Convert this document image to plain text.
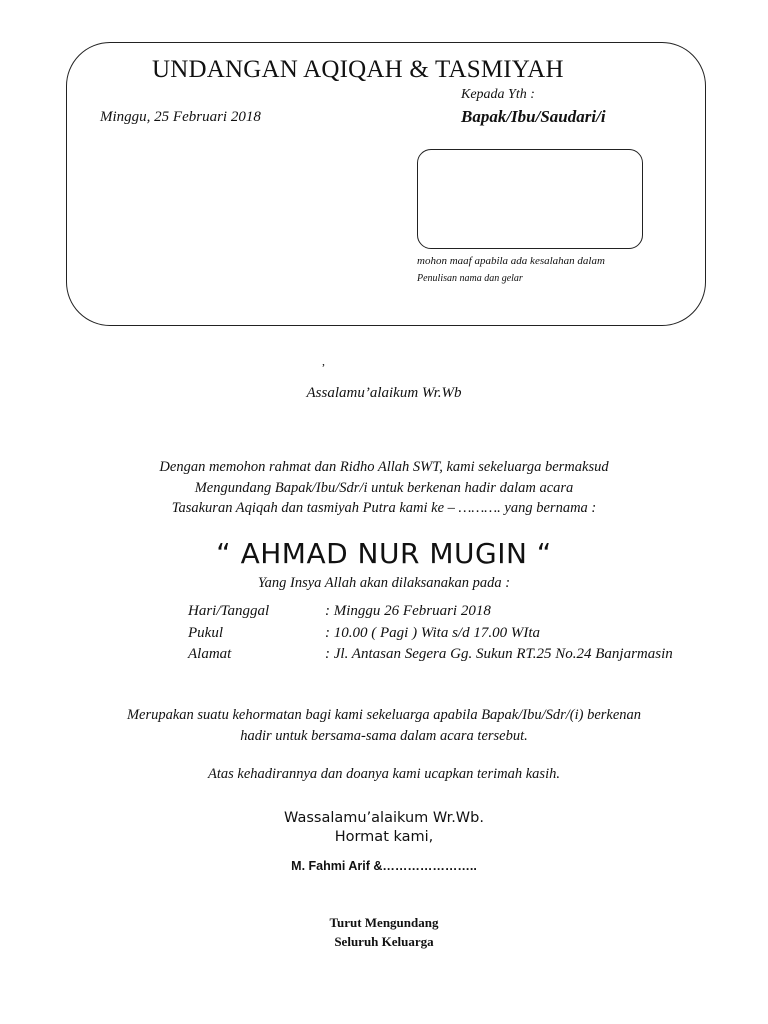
UNDANGAN AQIQAH & TASMIYAH
Kepada Yth :
Minggu, 25 Februari 2018	Bapak/Ibu/Saudari/i
mohon maaf apabila ada kesalahan dalam
Penulisan nama dan gelar
,
Assalamu’alaikum Wr.Wb
Dengan memohon rahmat dan Ridho Allah SWT, kami sekeluarga bermaksud
Mengundang Bapak/Ibu/Sdr/i untuk berkenan hadir dalam acara
Tasakuran Aqiqah dan tasmiyah Putra kami ke – ………. yang bernama :
“ AHMAD NUR MUGIN “
Yang Insya Allah akan dilaksanakan pada :
Hari/Tanggal	: Minggu 26 Februari 2018
Pukul	: 10.00 ( Pagi ) Wita s/d 17.00 WIta
Alamat	: Jl. Antasan Segera Gg. Sukun RT.25 No.24 Banjarmasin
Merupakan suatu kehormatan bagi kami sekeluarga apabila Bapak/Ibu/Sdr/(i) berkenan
hadir untuk bersama-sama dalam acara tersebut.
Atas kehadirannya dan doanya kami ucapkan terimah kasih.
Wassalamu’alaikum Wr.Wb.
Hormat kami,
M. Fahmi Arif &…………………..
Turut Mengundang
Seluruh Keluarga
